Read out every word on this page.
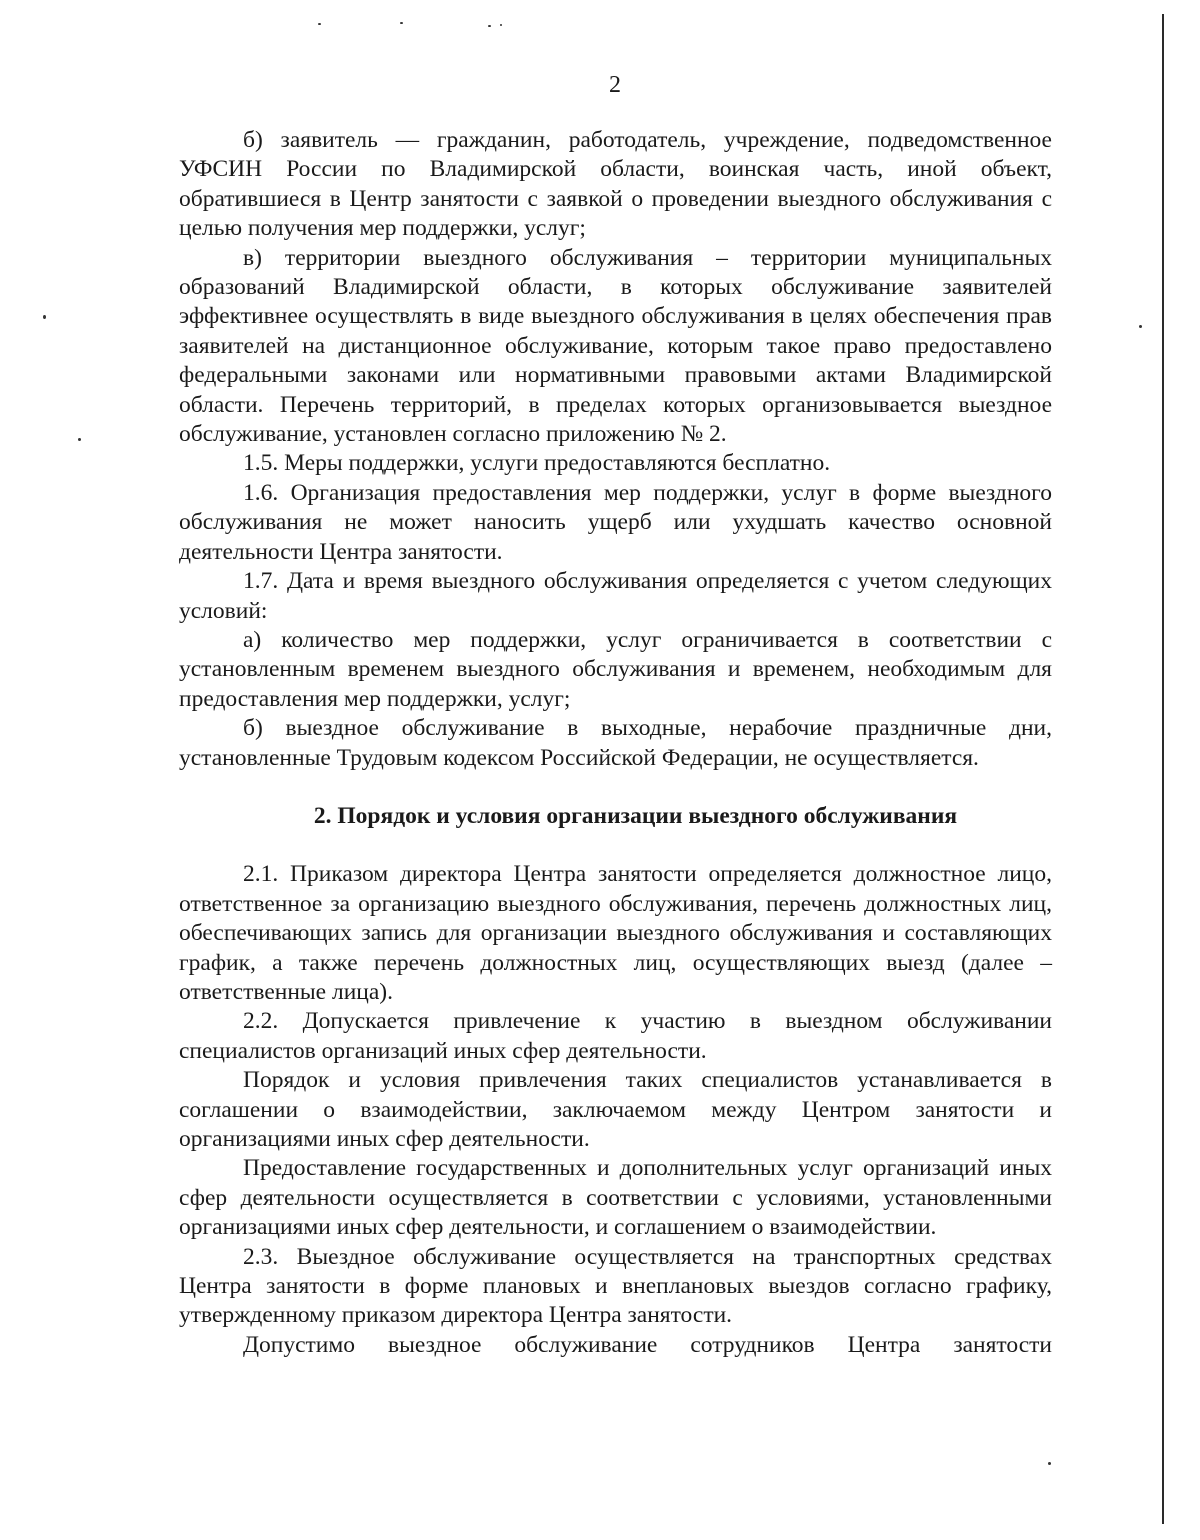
2

б) заявитель — гражданин, работодатель, учреждение, подведомственное УФСИН России по Владимирской области, воинская часть, иной объект, обратившиеся в Центр занятости с заявкой о проведении выездного обслуживания с целью получения мер поддержки, услуг;

в) территории выездного обслуживания – территории муниципальных образований Владимирской области, в которых обслуживание заявителей эффективнее осуществлять в виде выездного обслуживания в целях обеспечения прав заявителей на дистанционное обслуживание, которым такое право предоставлено федеральными законами или нормативными правовыми актами Владимирской области. Перечень территорий, в пределах которых организовывается выездное обслуживание, установлен согласно приложению № 2.

1.5. Меры поддержки, услуги предоставляются бесплатно.

1.6. Организация предоставления мер поддержки, услуг в форме выездного обслуживания не может наносить ущерб или ухудшать качество основной деятельности Центра занятости.

1.7. Дата и время выездного обслуживания определяется с учетом следующих условий:

а) количество мер поддержки, услуг ограничивается в соответствии с установленным временем выездного обслуживания и временем, необходимым для предоставления мер поддержки, услуг;

б) выездное обслуживание в выходные, нерабочие праздничные дни, установленные Трудовым кодексом Российской Федерации, не осуществляется.

2. Порядок и условия организации выездного обслуживания

2.1. Приказом директора Центра занятости определяется должностное лицо, ответственное за организацию выездного обслуживания, перечень должностных лиц, обеспечивающих запись для организации выездного обслуживания и составляющих график, а также перечень должностных лиц, осуществляющих выезд (далее – ответственные лица).

2.2. Допускается привлечение к участию в выездном обслуживании специалистов организаций иных сфер деятельности.

Порядок и условия привлечения таких специалистов устанавливается в соглашении о взаимодействии, заключаемом между Центром занятости и организациями иных сфер деятельности.

Предоставление государственных и дополнительных услуг организаций иных сфер деятельности осуществляется в соответствии с условиями, установленными организациями иных сфер деятельности, и соглашением о взаимодействии.

2.3. Выездное обслуживание осуществляется на транспортных средствах Центра занятости в форме плановых и внеплановых выездов согласно графику, утвержденному приказом директора Центра занятости.

Допустимо выездное обслуживание сотрудников Центра занятости
